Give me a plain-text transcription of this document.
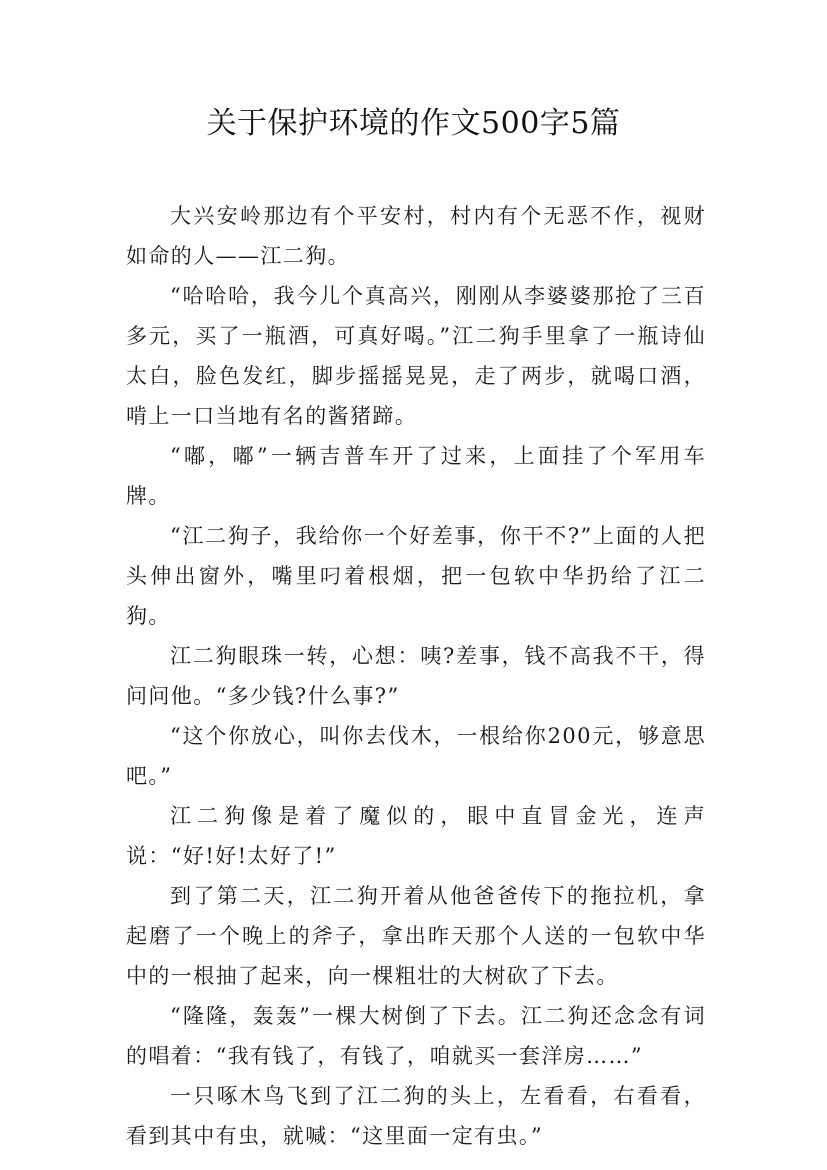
关于保护环境的作文500字5篇

大兴安岭那边有个平安村，村内有个无恶不作，视财如命的人——江二狗。

“哈哈哈，我今儿个真高兴，刚刚从李婆婆那抢了三百多元，买了一瓶酒，可真好喝。”江二狗手里拿了一瓶诗仙太白，脸色发红，脚步摇摇晃晃，走了两步，就喝口酒，啃上一口当地有名的酱猪蹄。

“嘟，嘟”一辆吉普车开了过来，上面挂了个军用车牌。

“江二狗子，我给你一个好差事，你干不?”上面的人把头伸出窗外，嘴里叼着根烟，把一包软中华扔给了江二狗。

江二狗眼珠一转，心想：咦?差事，钱不高我不干，得问问他。“多少钱?什么事?”

“这个你放心，叫你去伐木，一根给你200元，够意思吧。”

江二狗像是着了魔似的，眼中直冒金光，连声说：“好!好!太好了!”

到了第二天，江二狗开着从他爸爸传下的拖拉机，拿起磨了一个晚上的斧子，拿出昨天那个人送的一包软中华中的一根抽了起来，向一棵粗壮的大树砍了下去。

“隆隆，轰轰”一棵大树倒了下去。江二狗还念念有词的唱着：“我有钱了，有钱了，咱就买一套洋房……”

一只啄木鸟飞到了江二狗的头上，左看看，右看看，看到其中有虫，就喊：“这里面一定有虫。”
